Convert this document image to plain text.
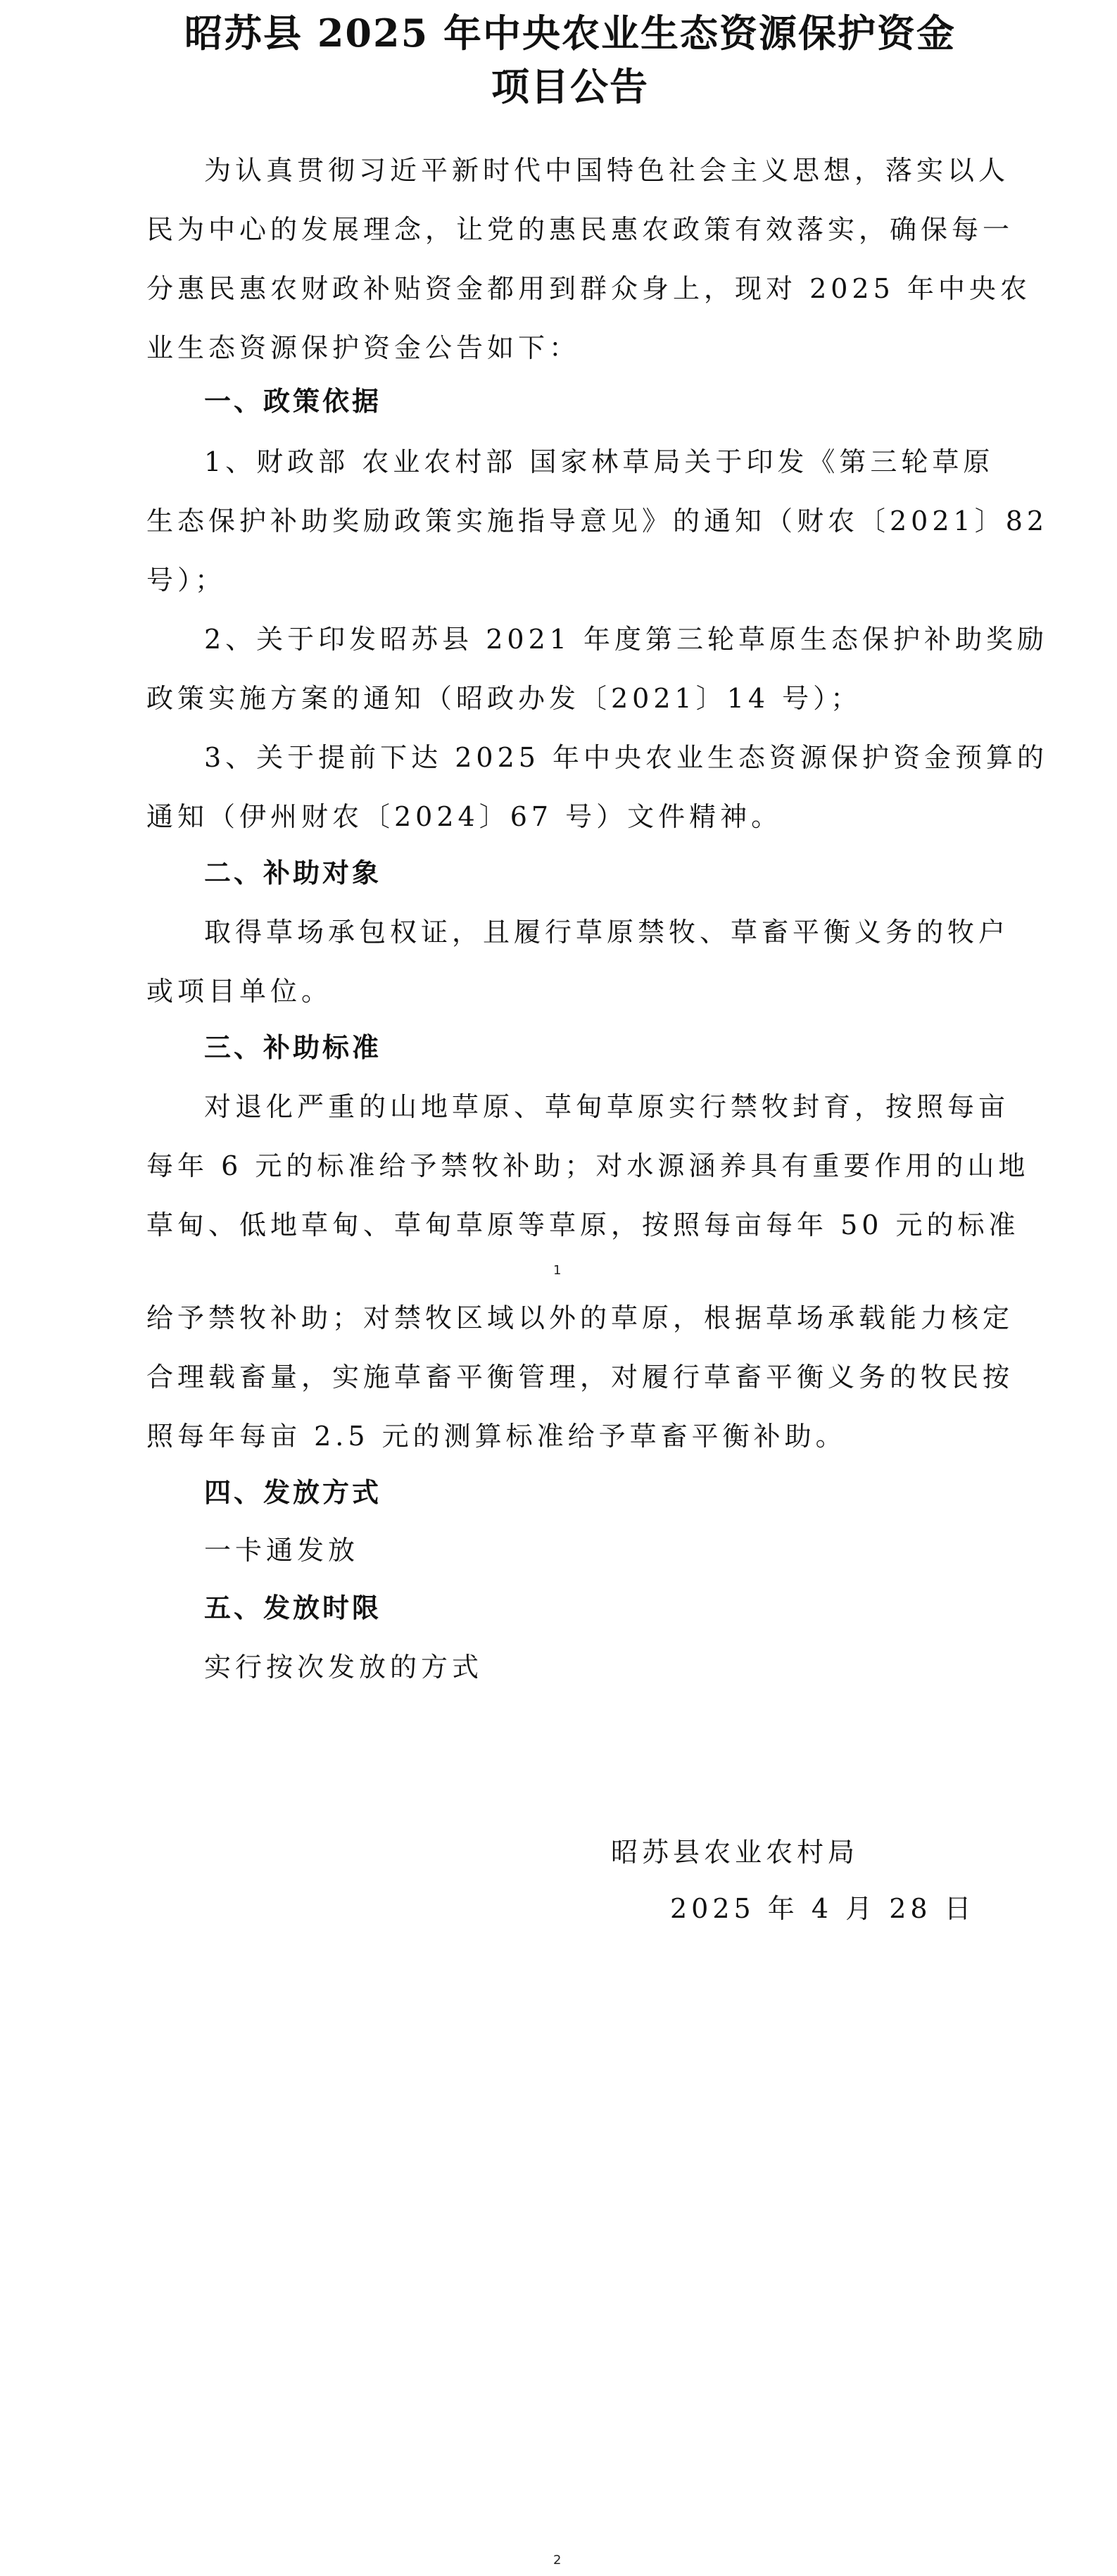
昭苏县 2025 年中央农业生态资源保护资金
项目公告
为认真贯彻习近平新时代中国特色社会主义思想，落实以人
民为中心的发展理念，让党的惠民惠农政策有效落实，确保每一
分惠民惠农财政补贴资金都用到群众身上，现对 2025 年中央农
业生态资源保护资金公告如下：
一、政策依据
1、财政部 农业农村部 国家林草局关于印发《第三轮草原
生态保护补助奖励政策实施指导意见》的通知（财农〔2021〕82
号）；
2、关于印发昭苏县 2021 年度第三轮草原生态保护补助奖励
政策实施方案的通知（昭政办发〔2021〕14 号）；
3、关于提前下达 2025 年中央农业生态资源保护资金预算的
通知（伊州财农〔2024〕67 号）文件精神。
二、补助对象
取得草场承包权证，且履行草原禁牧、草畜平衡义务的牧户
或项目单位。
三、补助标准
对退化严重的山地草原、草甸草原实行禁牧封育，按照每亩
每年 6 元的标准给予禁牧补助；对水源涵养具有重要作用的山地
草甸、低地草甸、草甸草原等草原，按照每亩每年 50 元的标准
1
给予禁牧补助；对禁牧区域以外的草原，根据草场承载能力核定
合理载畜量，实施草畜平衡管理，对履行草畜平衡义务的牧民按
照每年每亩 2.5 元的测算标准给予草畜平衡补助。
四、发放方式
一卡通发放
五、发放时限
实行按次发放的方式
昭苏县农业农村局
2025 年 4 月 28 日
2
